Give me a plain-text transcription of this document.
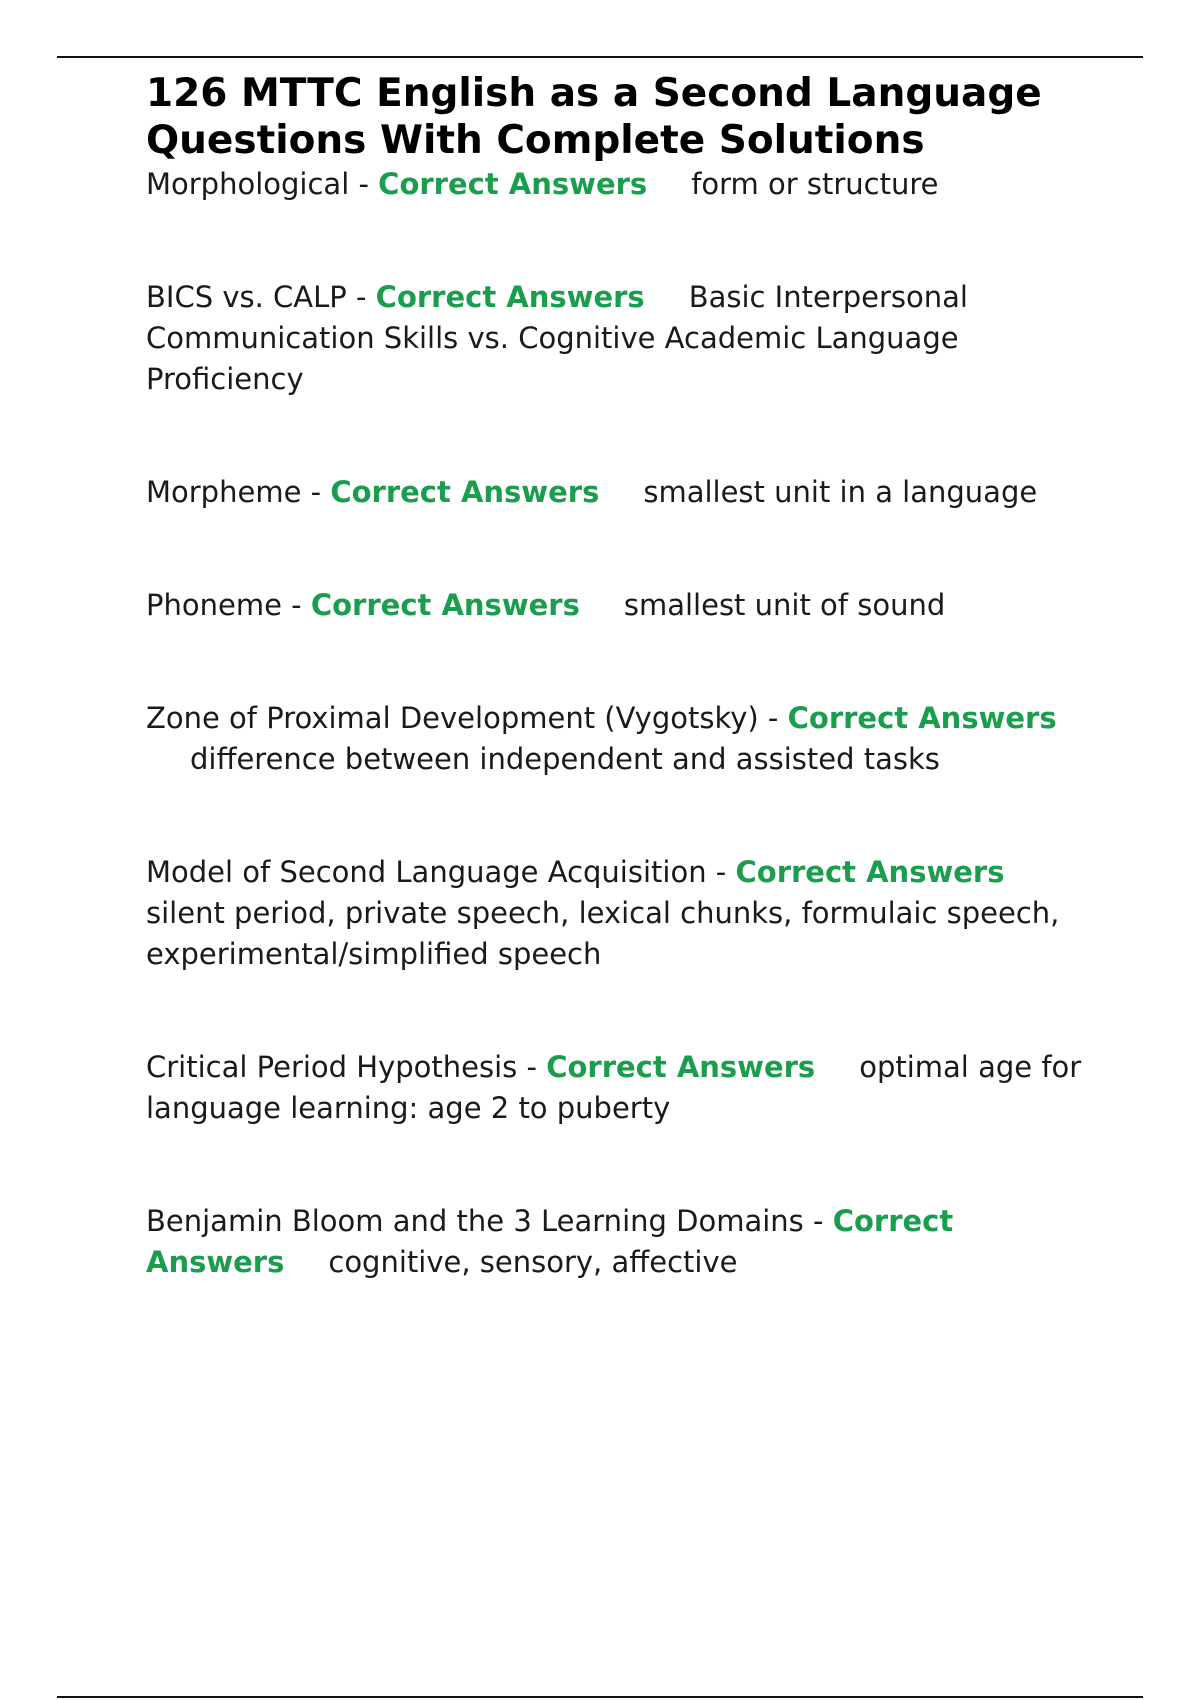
126 MTTC English as a Second Language Questions With Complete Solutions

Morphological - Correct Answers form or structure

BICS vs. CALP - Correct Answers Basic Interpersonal Communication Skills vs. Cognitive Academic Language Proficiency

Morpheme - Correct Answers smallest unit in a language

Phoneme - Correct Answers smallest unit of sound

Zone of Proximal Development (Vygotsky) - Correct Answersdifference between independent and assisted tasks

Model of Second Language Acquisition - Correct Answerssilent period, private speech, lexical chunks, formulaic speech, experimental/simplified speech

Critical Period Hypothesis - Correct Answers optimal age for language learning: age 2 to puberty

Benjamin Bloom and the 3 Learning Domains - Correct Answers cognitive, sensory, affective
